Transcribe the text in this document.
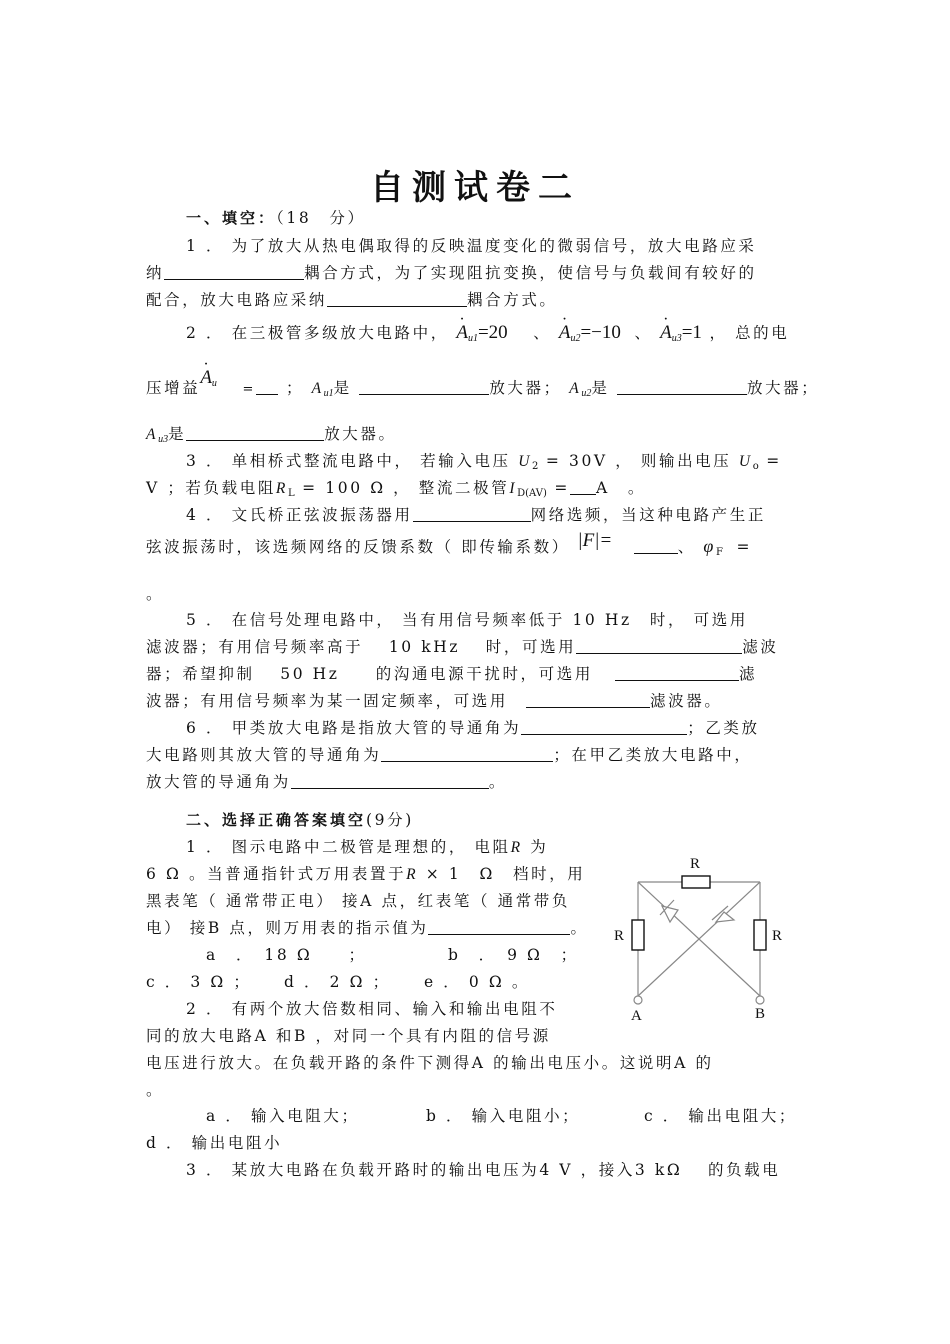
自测试卷二
一、填空：（18　分）
1 ． 为了放大从热电偶取得的反映温度变化的微弱信号，放大电路应采
纳	耦合方式，为了实现阻抗变换，使信号与负载间有较好的
配合，放大电路应采纳	耦合方式。
2 ． 在三极管多级放大电路中， · $A_{u1}=20$ 、 · $A_{u2}=-10$ 、 · $A_{u3}=1$ ， 总的电
压增益· $A_u$ = ； $A_{u1}$是	放大器； $A_{u2}$是	放大器；
$A_{u3}$是	放大器。
3 ． 单相桥式整流电路中， 若输入电压 $U_2 = 30V$ ， 则输出电压 $U_o$ =
V ；若负载电阻$R_L = 100$ Ω ， 整流二极管$I_{D(AV)} = A$　。
4 ． 文氏桥正弦波振荡器用	网络选频，当这种电路产生正
弦波振荡时，该选频网络的反馈系数（ 即传输系数） |F|=	、 $\varphi_F$ =
。
5 ． 在信号处理电路中， 当有用信号频率低于 10 Hz　时， 可选用
滤波器；有用信号频率高于　 10 kHz　 时，可选用	滤波
器；希望抑制　 50 Hz　　的沟通电源干扰时，可选用	滤
波器；有用信号频率为某一固定频率，可选用	滤波器。
6 ． 甲类放大电路是指放大管的导通角为	；乙类放
大电路则其放大管的导通角为	；在甲乙类放大电路中，
放大管的导通角为	。
二、选择正确答案填空(9分)
1 ． 图示电路中二极管是理想的， 电阻R 为
6 Ω 。当普通指针式万用表置于R × 1　Ω　档时，用
黑表笔（ 通常带正电） 接A 点，红表笔（ 通常带负
电） 接B 点，则万用表的指示值为	。
a　．　18 Ω　　；	b　．　9 Ω　；
c ． 3 Ω ； d ． 2 Ω ； e ． 0 Ω 。
2 ． 有两个放大倍数相同、输入和输出电阻不
同的放大电路A 和B ，对同一个具有内阻的信号源
电压进行放大。在负载开路的条件下测得A 的输出电压小。这说明A 的
。
a ． 输入电阻大；	b ． 输入电阻小；	c ． 输出电阻大；
d ． 输出电阻小
3 ． 某放大电路在负载开路时的输出电压为4 V ，接入3 kΩ　 的负载电
R
R	R
A	B
